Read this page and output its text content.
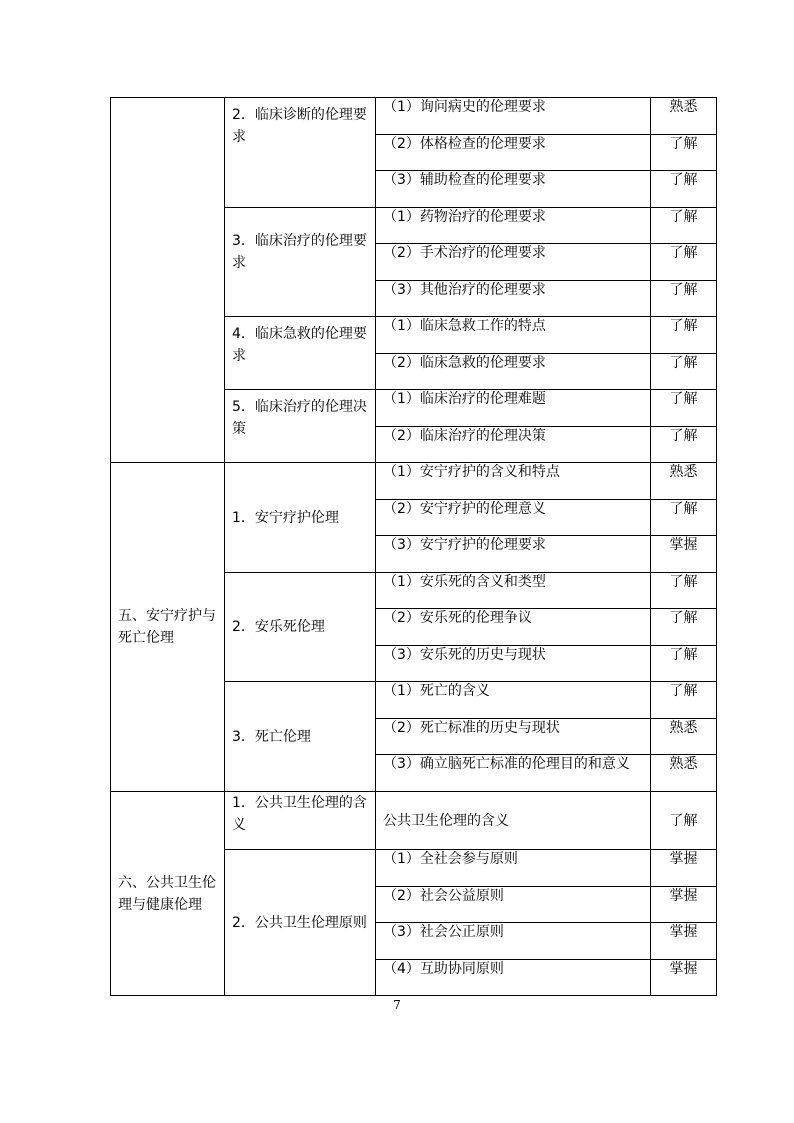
	2．临床诊断的伦理要求	（1）询问病史的伦理要求	熟悉

		（2）体格检查的伦理要求	了解

		（3）辅助检查的伦理要求	了解

	3．临床治疗的伦理要求	（1）药物治疗的伦理要求	了解

		（2）手术治疗的伦理要求	了解

		（3）其他治疗的伦理要求	了解

	4．临床急救的伦理要求	（1）临床急救工作的特点	了解

		（2）临床急救的伦理要求	了解

	5．临床治疗的伦理决策	（1）临床治疗的伦理难题	了解

		（2）临床治疗的伦理决策	了解

五、安宁疗护与死亡伦理	1．安宁疗护伦理	（1）安宁疗护的含义和特点	熟悉

		（2）安宁疗护的伦理意义	了解

		（3）安宁疗护的伦理要求	掌握

	2．安乐死伦理	（1）安乐死的含义和类型	了解

		（2）安乐死的伦理争议	了解

		（3）安乐死的历史与现状	了解

	3．死亡伦理	（1）死亡的含义	了解

		（2）死亡标准的历史与现状	熟悉

		（3）确立脑死亡标准的伦理目的和意义	熟悉

六、公共卫生伦理与健康伦理	1．公共卫生伦理的含义	公共卫生伦理的含义	了解

	2．公共卫生伦理原则	（1）全社会参与原则	掌握

		（2）社会公益原则	掌握

		（3）社会公正原则	掌握

		（4）互助协同原则	掌握
7
